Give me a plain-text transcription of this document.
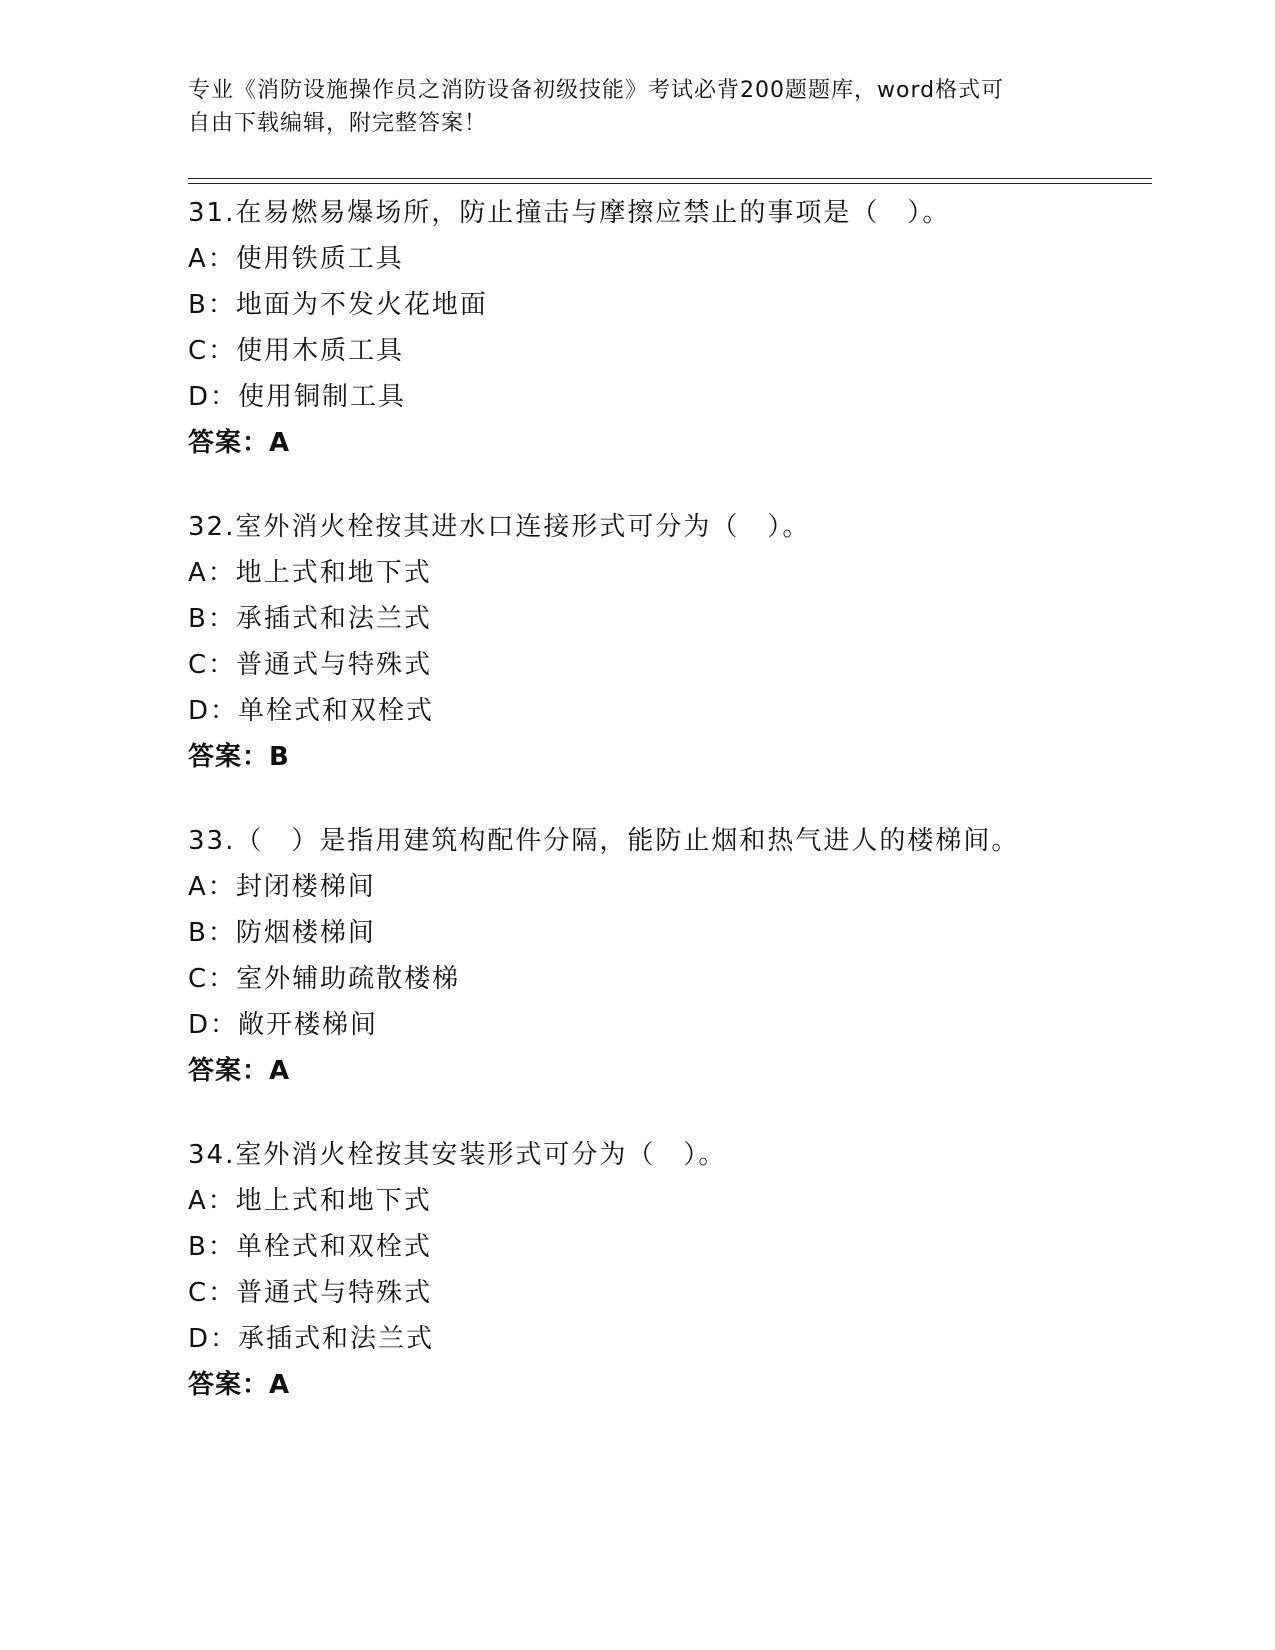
专业《消防设施操作员之消防设备初级技能》考试必背200题题库，word格式可
自由下载编辑，附完整答案！
31.在易燃易爆场所，防止撞击与摩擦应禁止的事项是（　）。
A：使用铁质工具
B：地面为不发火花地面
C：使用木质工具
D：使用铜制工具
答案：A
32.室外消火栓按其进水口连接形式可分为（　）。
A：地上式和地下式
B：承插式和法兰式
C：普通式与特殊式
D：单栓式和双栓式
答案：B
33.（　）是指用建筑构配件分隔，能防止烟和热气进人的楼梯间。
A：封闭楼梯间
B：防烟楼梯间
C：室外辅助疏散楼梯
D：敞开楼梯间
答案：A
34.室外消火栓按其安装形式可分为（　）。
A：地上式和地下式
B：单栓式和双栓式
C：普通式与特殊式
D：承插式和法兰式
答案：A
